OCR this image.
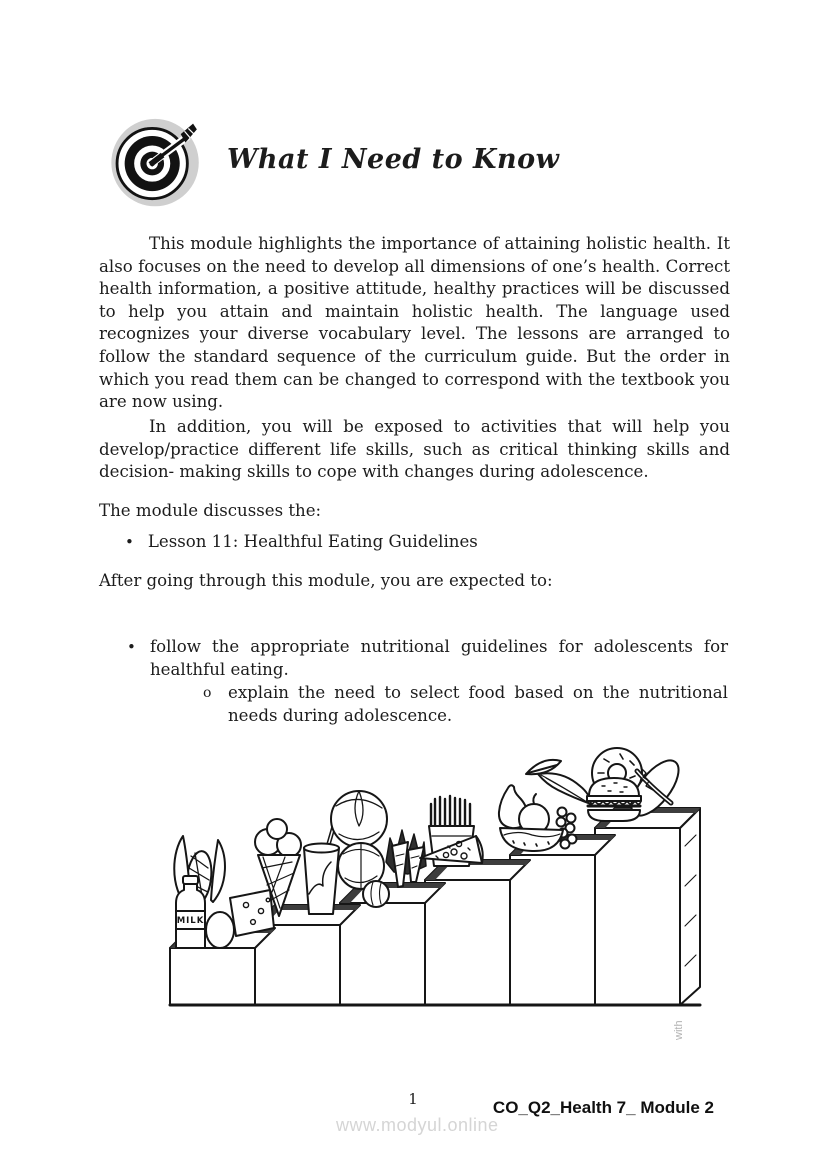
What I Need to Know
This module highlights the importance of attaining holistic health. It also focuses on the need to develop all dimensions of one’s health. Correct health information, a positive attitude, healthy practices will be discussed to help you attain and maintain holistic health. The language used recognizes your diverse vocabulary level. The lessons are arranged to follow the standard sequence of the curriculum guide. But the order in which you read them can be changed to correspond with the textbook you are now using.
In addition, you will be exposed to activities that will help you develop/practice different life skills, such as critical thinking skills and decision- making skills to cope with changes during adolescence.
The module discusses the:
• Lesson 11: Healthful Eating Guidelines
After going through this module, you are expected to:
• follow the appropriate nutritional guidelines for adolescents for healthful eating.
o explain the need to select food based on the nutritional needs during adolescence.
MILK
with
1
www.modyul.online
CO_Q2_Health 7_ Module 2
